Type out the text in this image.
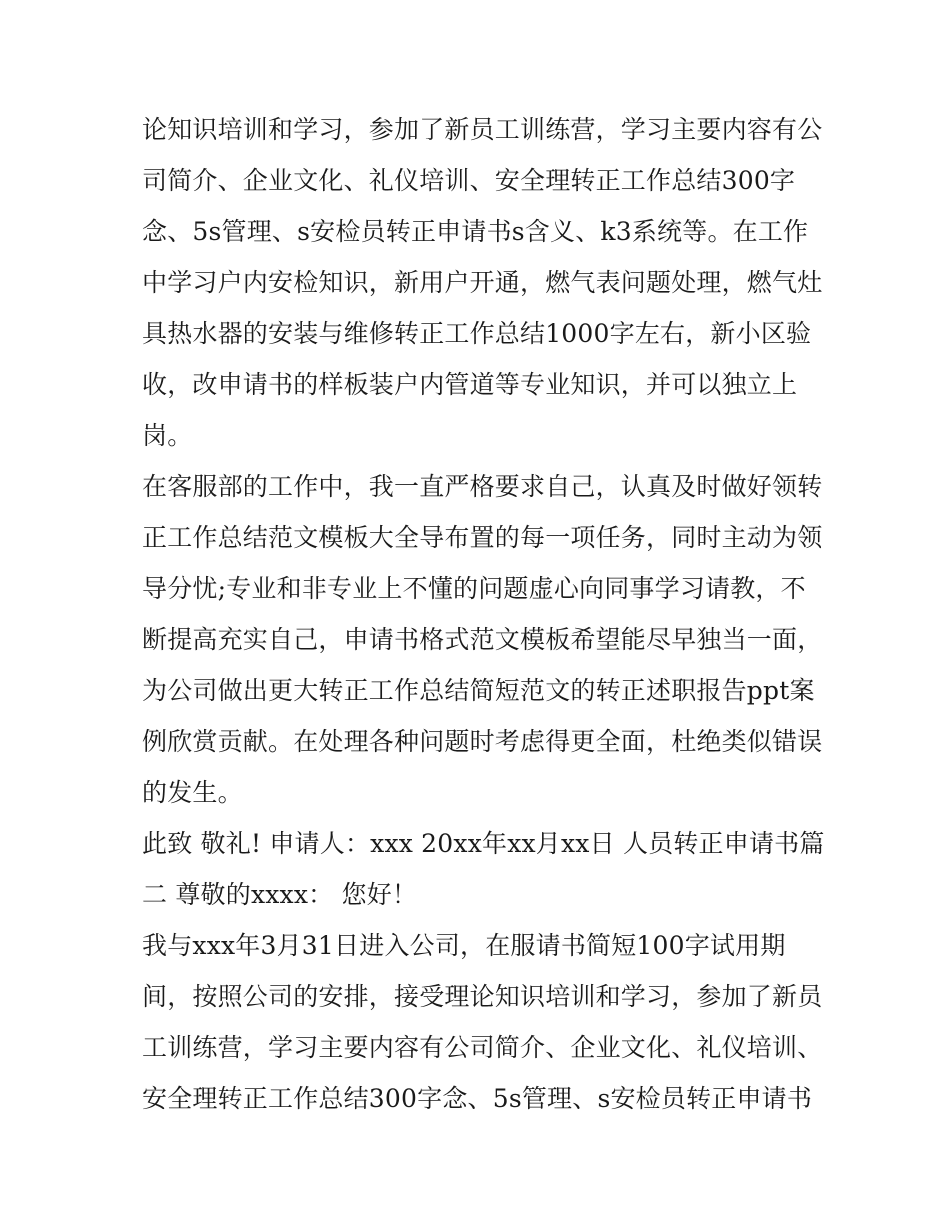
论知识培训和学习，参加了新员工训练营，学习主要内容有公
司简介、企业文化、礼仪培训、安全理转正工作总结300字
念、5s管理、s安检员转正申请书s含义、k3系统等。在工作
中学习户内安检知识，新用户开通，燃气表问题处理，燃气灶
具热水器的安装与维修转正工作总结1000字左右，新小区验
收，改申请书的样板装户内管道等专业知识，并可以独立上
岗。
在客服部的工作中，我一直严格要求自己，认真及时做好领转
正工作总结范文模板大全导布置的每一项任务，同时主动为领
导分忧;专业和非专业上不懂的问题虚心向同事学习请教，不
断提高充实自己，申请书格式范文模板希望能尽早独当一面，
为公司做出更大转正工作总结简短范文的转正述职报告ppt案
例欣赏贡献。在处理各种问题时考虑得更全面，杜绝类似错误
的发生。
此致 敬礼! 申请人：xxx 20xx年xx月xx日 人员转正申请书篇
二 尊敬的xxxx： 您好！
我与xxx年3月31日进入公司，在服请书简短100字试用期
间，按照公司的安排，接受理论知识培训和学习，参加了新员
工训练营，学习主要内容有公司简介、企业文化、礼仪培训、
安全理转正工作总结300字念、5s管理、s安检员转正申请书
